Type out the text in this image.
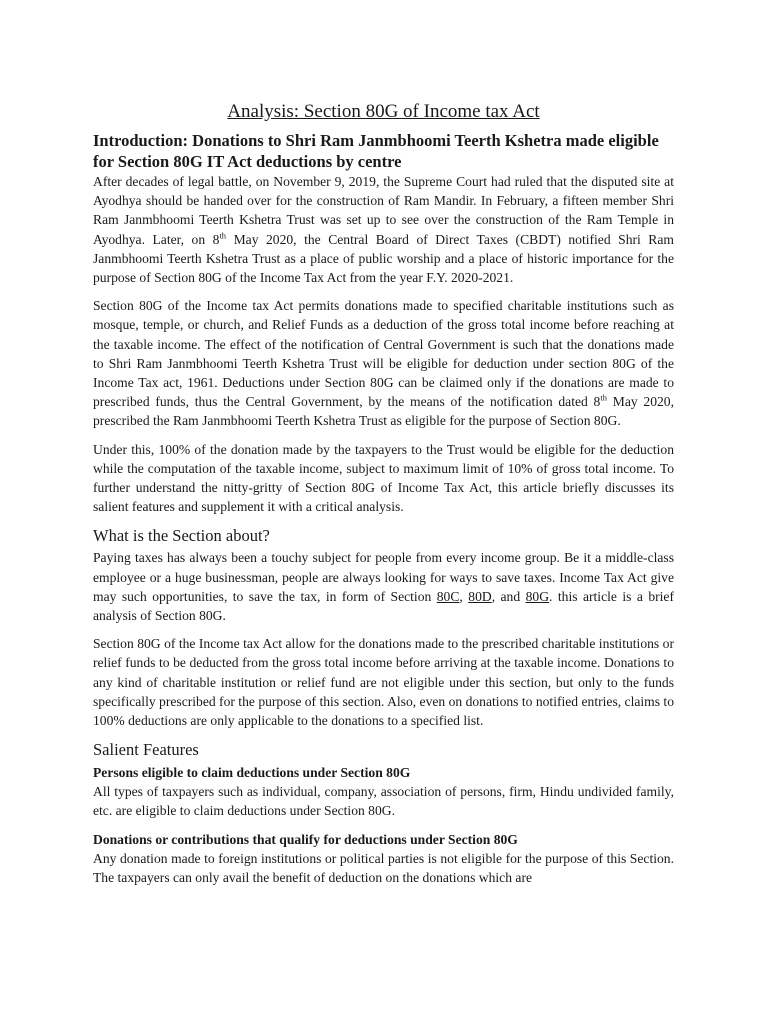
Analysis: Section 80G of Income tax Act
Introduction: Donations to Shri Ram Janmbhoomi Teerth Kshetra made eligible for Section 80G IT Act deductions by centre

After decades of legal battle, on November 9, 2019, the Supreme Court had ruled that the disputed site at Ayodhya should be handed over for the construction of Ram Mandir. In February, a fifteen member Shri Ram Janmbhoomi Teerth Kshetra Trust was set up to see over the construction of the Ram Temple in Ayodhya. Later, on 8th May 2020, the Central Board of Direct Taxes (CBDT) notified Shri Ram Janmbhoomi Teerth Kshetra Trust as a place of public worship and a place of historic importance for the purpose of Section 80G of the Income Tax Act from the year F.Y. 2020-2021.

Section 80G of the Income tax Act permits donations made to specified charitable institutions such as mosque, temple, or church, and Relief Funds as a deduction of the gross total income before reaching at the taxable income. The effect of the notification of Central Government is such that the donations made to Shri Ram Janmbhoomi Teerth Kshetra Trust will be eligible for deduction under section 80G of the Income Tax act, 1961. Deductions under Section 80G can be claimed only if the donations are made to prescribed funds, thus the Central Government, by the means of the notification dated 8th May 2020, prescribed the Ram Janmbhoomi Teerth Kshetra Trust as eligible for the purpose of Section 80G.

Under this, 100% of the donation made by the taxpayers to the Trust would be eligible for the deduction while the computation of the taxable income, subject to maximum limit of 10% of gross total income. To further understand the nitty-gritty of Section 80G of Income Tax Act, this article briefly discusses its salient features and supplement it with a critical analysis.

What is the Section about?

Paying taxes has always been a touchy subject for people from every income group. Be it a middle-class employee or a huge businessman, people are always looking for ways to save taxes. Income Tax Act give may such opportunities, to save the tax, in form of Section 80C, 80D, and 80G. this article is a brief analysis of Section 80G.

Section 80G of the Income tax Act allow for the donations made to the prescribed charitable institutions or relief funds to be deducted from the gross total income before arriving at the taxable income. Donations to any kind of charitable institution or relief fund are not eligible under this section, but only to the funds specifically prescribed for the purpose of this section. Also, even on donations to notified entries, claims to 100% deductions are only applicable to the donations to a specified list.

Salient Features
Persons eligible to claim deductions under Section 80G

All types of taxpayers such as individual, company, association of persons, firm, Hindu undivided family, etc. are eligible to claim deductions under Section 80G.

Donations or contributions that qualify for deductions under Section 80G

Any donation made to foreign institutions or political parties is not eligible for the purpose of this Section. The taxpayers can only avail the benefit of deduction on the donations which are
